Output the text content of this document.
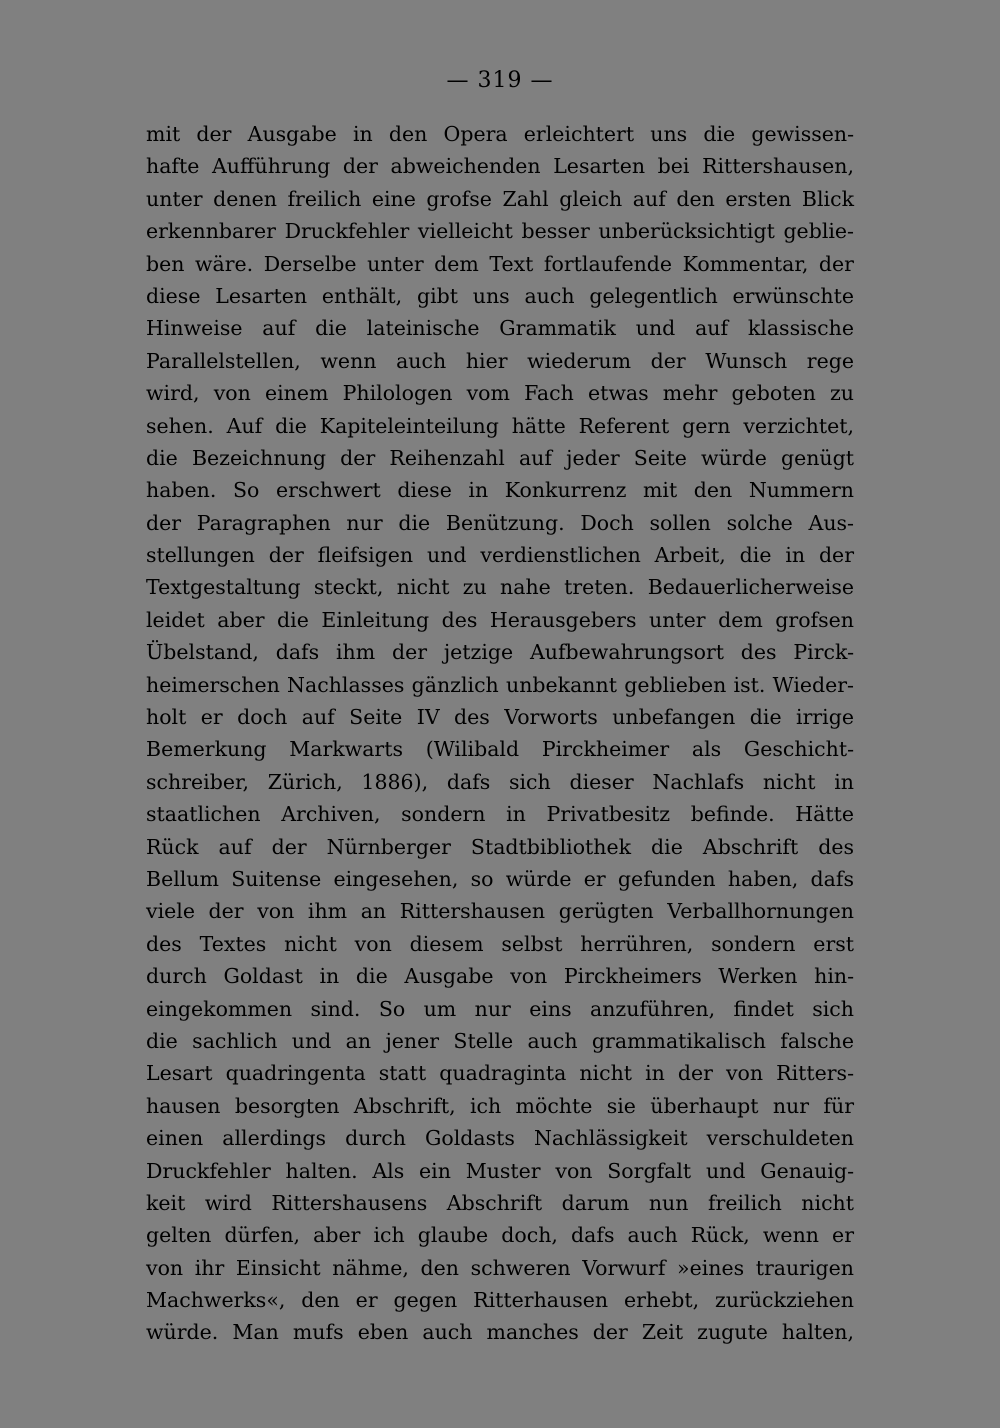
— 319 —
mit der Ausgabe in den Opera erleichtert uns die gewissen-
hafte Aufführung der abweichenden Lesarten bei Rittershausen,
unter denen freilich eine grofse Zahl gleich auf den ersten Blick
erkennbarer Druckfehler vielleicht besser unberücksichtigt geblie-
ben wäre. Derselbe unter dem Text fortlaufende Kommentar, der
diese Lesarten enthält, gibt uns auch gelegentlich erwünschte
Hinweise auf die lateinische Grammatik und auf klassische
Parallelstellen, wenn auch hier wiederum der Wunsch rege
wird, von einem Philologen vom Fach etwas mehr geboten zu
sehen. Auf die Kapiteleinteilung hätte Referent gern verzichtet,
die Bezeichnung der Reihenzahl auf jeder Seite würde genügt
haben. So erschwert diese in Konkurrenz mit den Nummern
der Paragraphen nur die Benützung. Doch sollen solche Aus-
stellungen der fleifsigen und verdienstlichen Arbeit, die in der
Textgestaltung steckt, nicht zu nahe treten. Bedauerlicherweise
leidet aber die Einleitung des Herausgebers unter dem grofsen
Übelstand, dafs ihm der jetzige Aufbewahrungsort des Pirck-
heimerschen Nachlasses gänzlich unbekannt geblieben ist. Wieder-
holt er doch auf Seite IV des Vorworts unbefangen die irrige
Bemerkung Markwarts (Wilibald Pirckheimer als Geschicht-
schreiber, Zürich, 1886), dafs sich dieser Nachlafs nicht in
staatlichen Archiven, sondern in Privatbesitz befinde. Hätte
Rück auf der Nürnberger Stadtbibliothek die Abschrift des
Bellum Suitense eingesehen, so würde er gefunden haben, dafs
viele der von ihm an Rittershausen gerügten Verballhornungen
des Textes nicht von diesem selbst herrühren, sondern erst
durch Goldast in die Ausgabe von Pirckheimers Werken hin-
eingekommen sind. So um nur eins anzuführen, findet sich
die sachlich und an jener Stelle auch grammatikalisch falsche
Lesart quadringenta statt quadraginta nicht in der von Ritters-
hausen besorgten Abschrift, ich möchte sie überhaupt nur für
einen allerdings durch Goldasts Nachlässigkeit verschuldeten
Druckfehler halten. Als ein Muster von Sorgfalt und Genauig-
keit wird Rittershausens Abschrift darum nun freilich nicht
gelten dürfen, aber ich glaube doch, dafs auch Rück, wenn er
von ihr Einsicht nähme, den schweren Vorwurf »eines traurigen
Machwerks«, den er gegen Ritterhausen erhebt, zurückziehen
würde. Man mufs eben auch manches der Zeit zugute halten,
